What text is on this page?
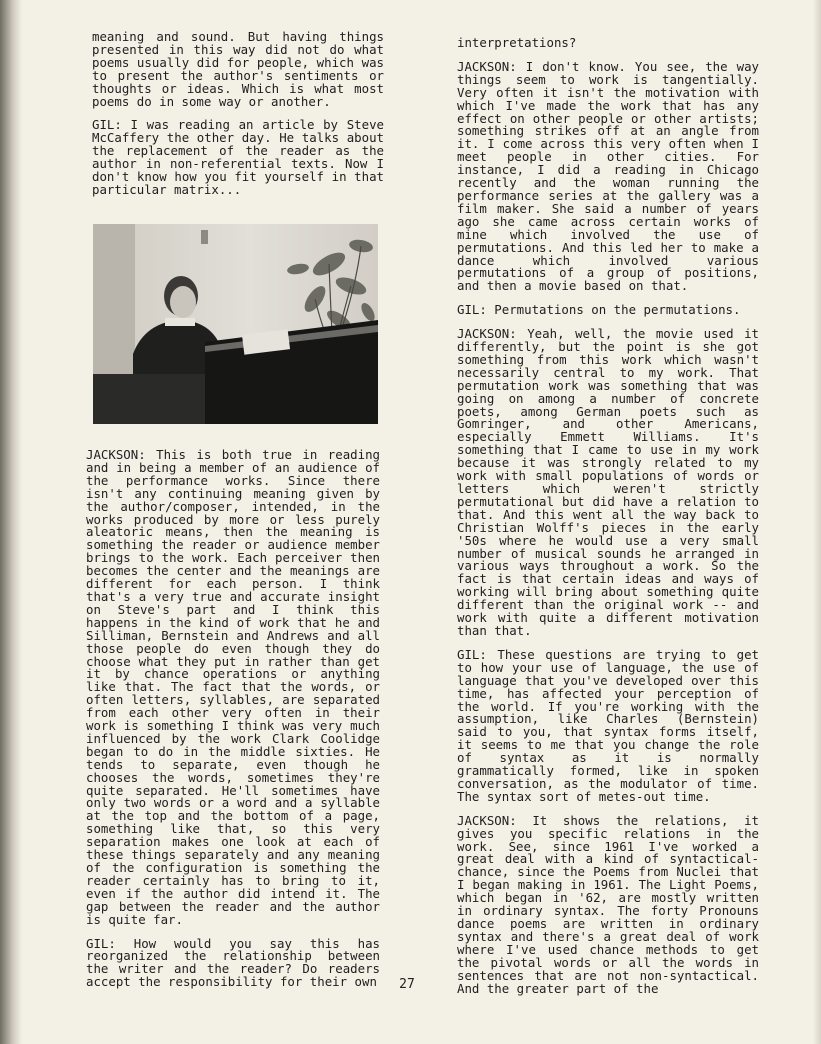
meaning and sound. But having things presented in this way did not do what poems usually did for people, which was to present the author's sentiments or thoughts or ideas. Which is what most poems do in some way or another.

GIL: I was reading an article by Steve McCaffery the other day. He talks about the replacement of the reader as the author in non-referential texts. Now I don't know how you fit yourself in that particular matrix...

JACKSON: This is both true in reading and in being a member of an audience of the performance works. Since there isn't any continuing meaning given by the author/composer, intended, in the works produced by more or less purely aleatoric means, then the meaning is something the reader or audience member brings to the work. Each perceiver then becomes the center and the meanings are different for each person. I think that's a very true and accurate insight on Steve's part and I think this happens in the kind of work that he and Silliman, Bernstein and Andrews and all those people do even though they do choose what they put in rather than get it by chance operations or anything like that. The fact that the words, or often letters, syllables, are separated from each other very often in their work is something I think was very much influenced by the work Clark Coolidge began to do in the middle sixties. He tends to separate, even though he chooses the words, sometimes they're quite separated. He'll sometimes have only two words or a word and a syllable at the top and the bottom of a page, something like that, so this very separation makes one look at each of these things separately and any meaning of the configuration is something the reader certainly has to bring to it, even if the author did intend it. The gap between the reader and the author is quite far.

GIL: How would you say this has reorganized the relationship between the writer and the reader? Do readers accept the responsibility for their own

interpretations?

JACKSON: I don't know. You see, the way things seem to work is tangentially. Very often it isn't the motivation with which I've made the work that has any effect on other people or other artists; something strikes off at an angle from it. I come across this very often when I meet people in other cities. For instance, I did a reading in Chicago recently and the woman running the performance series at the gallery was a film maker. She said a number of years ago she came across certain works of mine which involved the use of permutations. And this led her to make a dance which involved various permutations of a group of positions, and then a movie based on that.

GIL: Permutations on the permutations.

JACKSON: Yeah, well, the movie used it differently, but the point is she got something from this work which wasn't necessarily central to my work. That permutation work was something that was going on among a number of concrete poets, among German poets such as Gomringer, and other Americans, especially Emmett Williams. It's something that I came to use in my work because it was strongly related to my work with small populations of words or letters which weren't strictly permutational but did have a relation to that. And this went all the way back to Christian Wolff's pieces in the early '50s where he would use a very small number of musical sounds he arranged in various ways throughout a work. So the fact is that certain ideas and ways of working will bring about something quite different than the original work -- and work with quite a different motivation than that.

GIL: These questions are trying to get to how your use of language, the use of language that you've developed over this time, has affected your perception of the world. If you're working with the assumption, like Charles (Bernstein) said to you, that syntax forms itself, it seems to me that you change the role of syntax as it is normally grammatically formed, like in spoken conversation, as the modulator of time. The syntax sort of metes-out time.

JACKSON: It shows the relations, it gives you specific relations in the work. See, since 1961 I've worked a great deal with a kind of syntactical-chance, since the Poems from Nuclei that I began making in 1961. The Light Poems, which began in '62, are mostly written in ordinary syntax. The forty Pronouns dance poems are written in ordinary syntax and there's a great deal of work where I've used chance methods to get the pivotal words or all the words in sentences that are not non-syntactical. And the greater part of the

27
